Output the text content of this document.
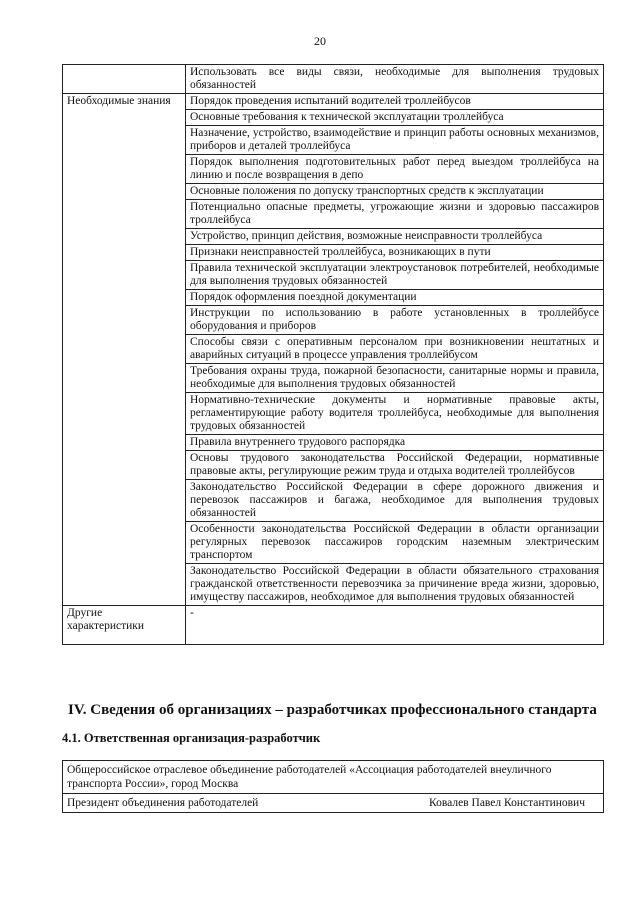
20
	Использовать все виды связи, необходимые для выполнения трудовых обязанностей
Необходимые знания	Порядок проведения испытаний водителей троллейбусов
	Основные требования к технической эксплуатации троллейбуса
	Назначение, устройство, взаимодействие и принцип работы основных механизмов, приборов и деталей троллейбуса
	Порядок выполнения подготовительных работ перед выездом троллейбуса на линию и после возвращения в депо
	Основные положения по допуску транспортных средств к эксплуатации
	Потенциально опасные предметы, угрожающие жизни и здоровью пассажиров троллейбуса
	Устройство, принцип действия, возможные неисправности троллейбуса
	Признаки неисправностей троллейбуса, возникающих в пути
	Правила технической эксплуатации электроустановок потребителей, необходимые для выполнения трудовых обязанностей
	Порядок оформления поездной документации
	Инструкции по использованию в работе установленных в троллейбусе оборудования и приборов
	Способы связи с оперативным персоналом при возникновении нештатных и аварийных ситуаций в процессе управления троллейбусом
	Требования охраны труда, пожарной безопасности, санитарные нормы и правила, необходимые для выполнения трудовых обязанностей
	Нормативно-технические документы и нормативные правовые акты, регламентирующие работу водителя троллейбуса, необходимые для выполнения трудовых обязанностей
	Правила внутреннего трудового распорядка
	Основы трудового законодательства Российской Федерации, нормативные правовые акты, регулирующие режим труда и отдыха водителей троллейбусов
	Законодательство Российской Федерации в сфере дорожного движения и перевозок пассажиров и багажа, необходимое для выполнения трудовых обязанностей
	Особенности законодательства Российской Федерации в области организации регулярных перевозок пассажиров городским наземным электрическим транспортом
	Законодательство Российской Федерации в области обязательного страхования гражданской ответственности перевозчика за причинение вреда жизни, здоровью, имуществу пассажиров, необходимое для выполнения трудовых обязанностей
Другие характеристики	-
IV. Сведения об организациях – разработчиках профессионального стандарта
4.1. Ответственная организация-разработчик
Общероссийское отраслевое объединение работодателей «Ассоциация работодателей внеуличного транспорта России», город Москва

Президент объединения работодателей	Ковалев Павел Константинович
